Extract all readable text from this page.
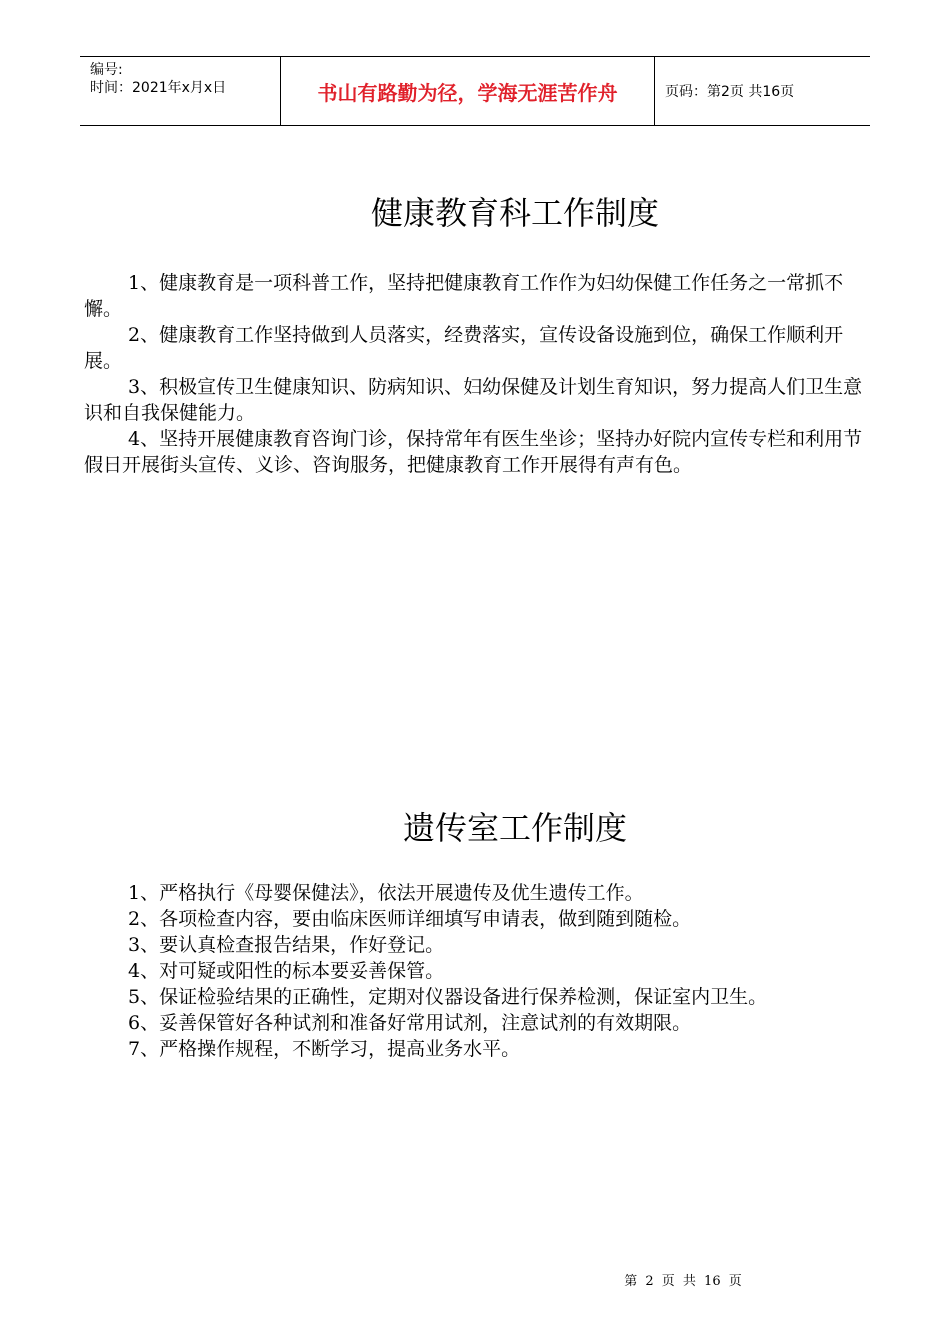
编号:
时间：2021年x月x日	书山有路勤为径，学海无涯苦作舟	页码：第2页 共16页
健康教育科工作制度

1、健康教育是一项科普工作，坚持把健康教育工作作为妇幼保健工作任务之一常抓不懈。

2、健康教育工作坚持做到人员落实，经费落实，宣传设备设施到位，确保工作顺利开展。

3、积极宣传卫生健康知识、防病知识、妇幼保健及计划生育知识，努力提高人们卫生意识和自我保健能力。

4、坚持开展健康教育咨询门诊，保持常年有医生坐诊；坚持办好院内宣传专栏和利用节假日开展街头宣传、义诊、咨询服务，把健康教育工作开展得有声有色。

遗传室工作制度
1、严格执行《母婴保健法》，依法开展遗传及优生遗传工作。
2、各项检查内容，要由临床医师详细填写申请表，做到随到随检。
3、要认真检查报告结果，作好登记。
4、对可疑或阳性的标本要妥善保管。
5、保证检验结果的正确性，定期对仪器设备进行保养检测，保证室内卫生。
6、妥善保管好各种试剂和准备好常用试剂，注意试剂的有效期限。
7、严格操作规程，不断学习，提高业务水平。
第 2 页 共 16 页
